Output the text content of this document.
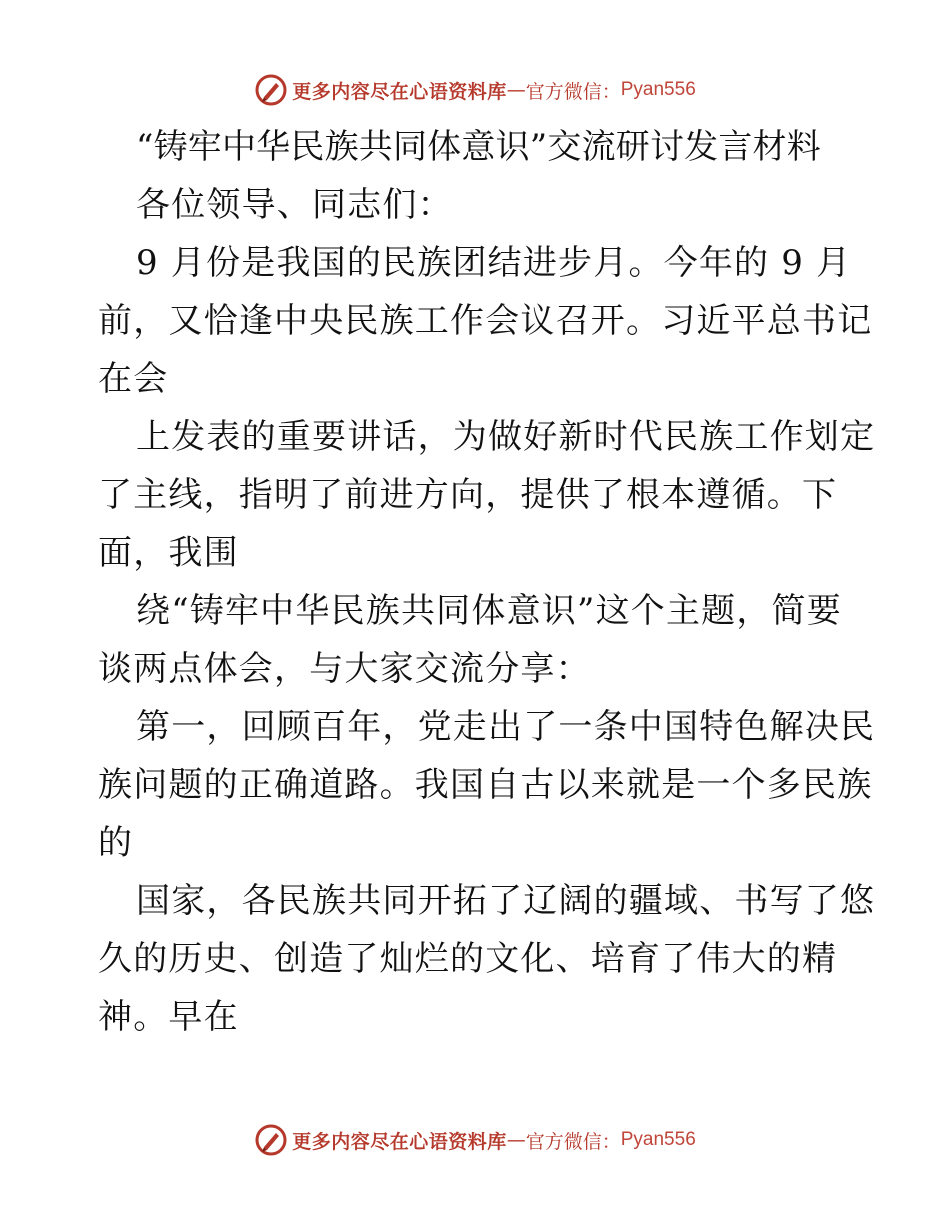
更多内容尽在心语资料库 — 官方微信： Pyan556
“铸牢中华民族共同体意识”交流研讨发言材料
各位领导、同志们：
9 月份是我国的民族团结进步月。今年的 9 月
前，又恰逢中央民族工作会议召开。习近平总书记
在会
上发表的重要讲话，为做好新时代民族工作划定
了主线，指明了前进方向，提供了根本遵循。下
面，我围
绕“铸牢中华民族共同体意识”这个主题，简要
谈两点体会，与大家交流分享：
第一，回顾百年，党走出了一条中国特色解决民
族问题的正确道路。我国自古以来就是一个多民族
的
国家，各民族共同开拓了辽阔的疆域、书写了悠
久的历史、创造了灿烂的文化、培育了伟大的精
神。早在
更多内容尽在心语资料库 — 官方微信： Pyan556
